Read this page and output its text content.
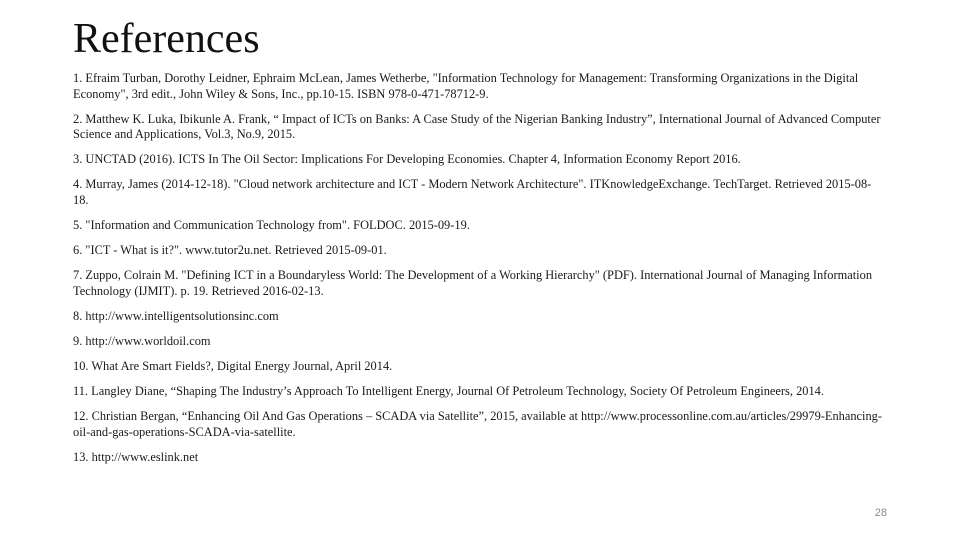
References
1. Efraim Turban, Dorothy Leidner, Ephraim McLean, James Wetherbe, "Information Technology for Management: Transforming Organizations in the Digital Economy", 3rd edit., John Wiley & Sons, Inc., pp.10-15. ISBN 978-0-471-78712-9.
2. Matthew K. Luka, Ibikunle A. Frank, “ Impact of ICTs on Banks: A Case Study of the Nigerian Banking Industry”, International Journal of Advanced Computer Science and Applications, Vol.3, No.9, 2015.
3. UNCTAD (2016). ICTS In The Oil Sector: Implications For Developing Economies. Chapter 4, Information Economy Report 2016.
4. Murray, James (2014-12-18). "Cloud network architecture and ICT - Modern Network Architecture". ITKnowledgeExchange. TechTarget. Retrieved 2015-08-18.
5. "Information and Communication Technology from". FOLDOC. 2015-09-19.
6. "ICT - What is it?". www.tutor2u.net. Retrieved 2015-09-01.
7. Zuppo, Colrain M. "Defining ICT in a Boundaryless World: The Development of a Working Hierarchy" (PDF). International Journal of Managing Information Technology (IJMIT). p. 19. Retrieved 2016-02-13.
8. http://www.intelligentsolutionsinc.com
9. http://www.worldoil.com
10. What Are Smart Fields?, Digital Energy Journal, April 2014.
11. Langley Diane, “Shaping The Industry’s Approach To Intelligent Energy, Journal Of Petroleum Technology, Society Of Petroleum Engineers, 2014.
12. Christian Bergan, “Enhancing Oil And Gas Operations – SCADA via Satellite”, 2015, available at http://www.processonline.com.au/articles/29979-Enhancing-oil-and-gas-operations-SCADA-via-satellite.
13. http://www.eslink.net
28
